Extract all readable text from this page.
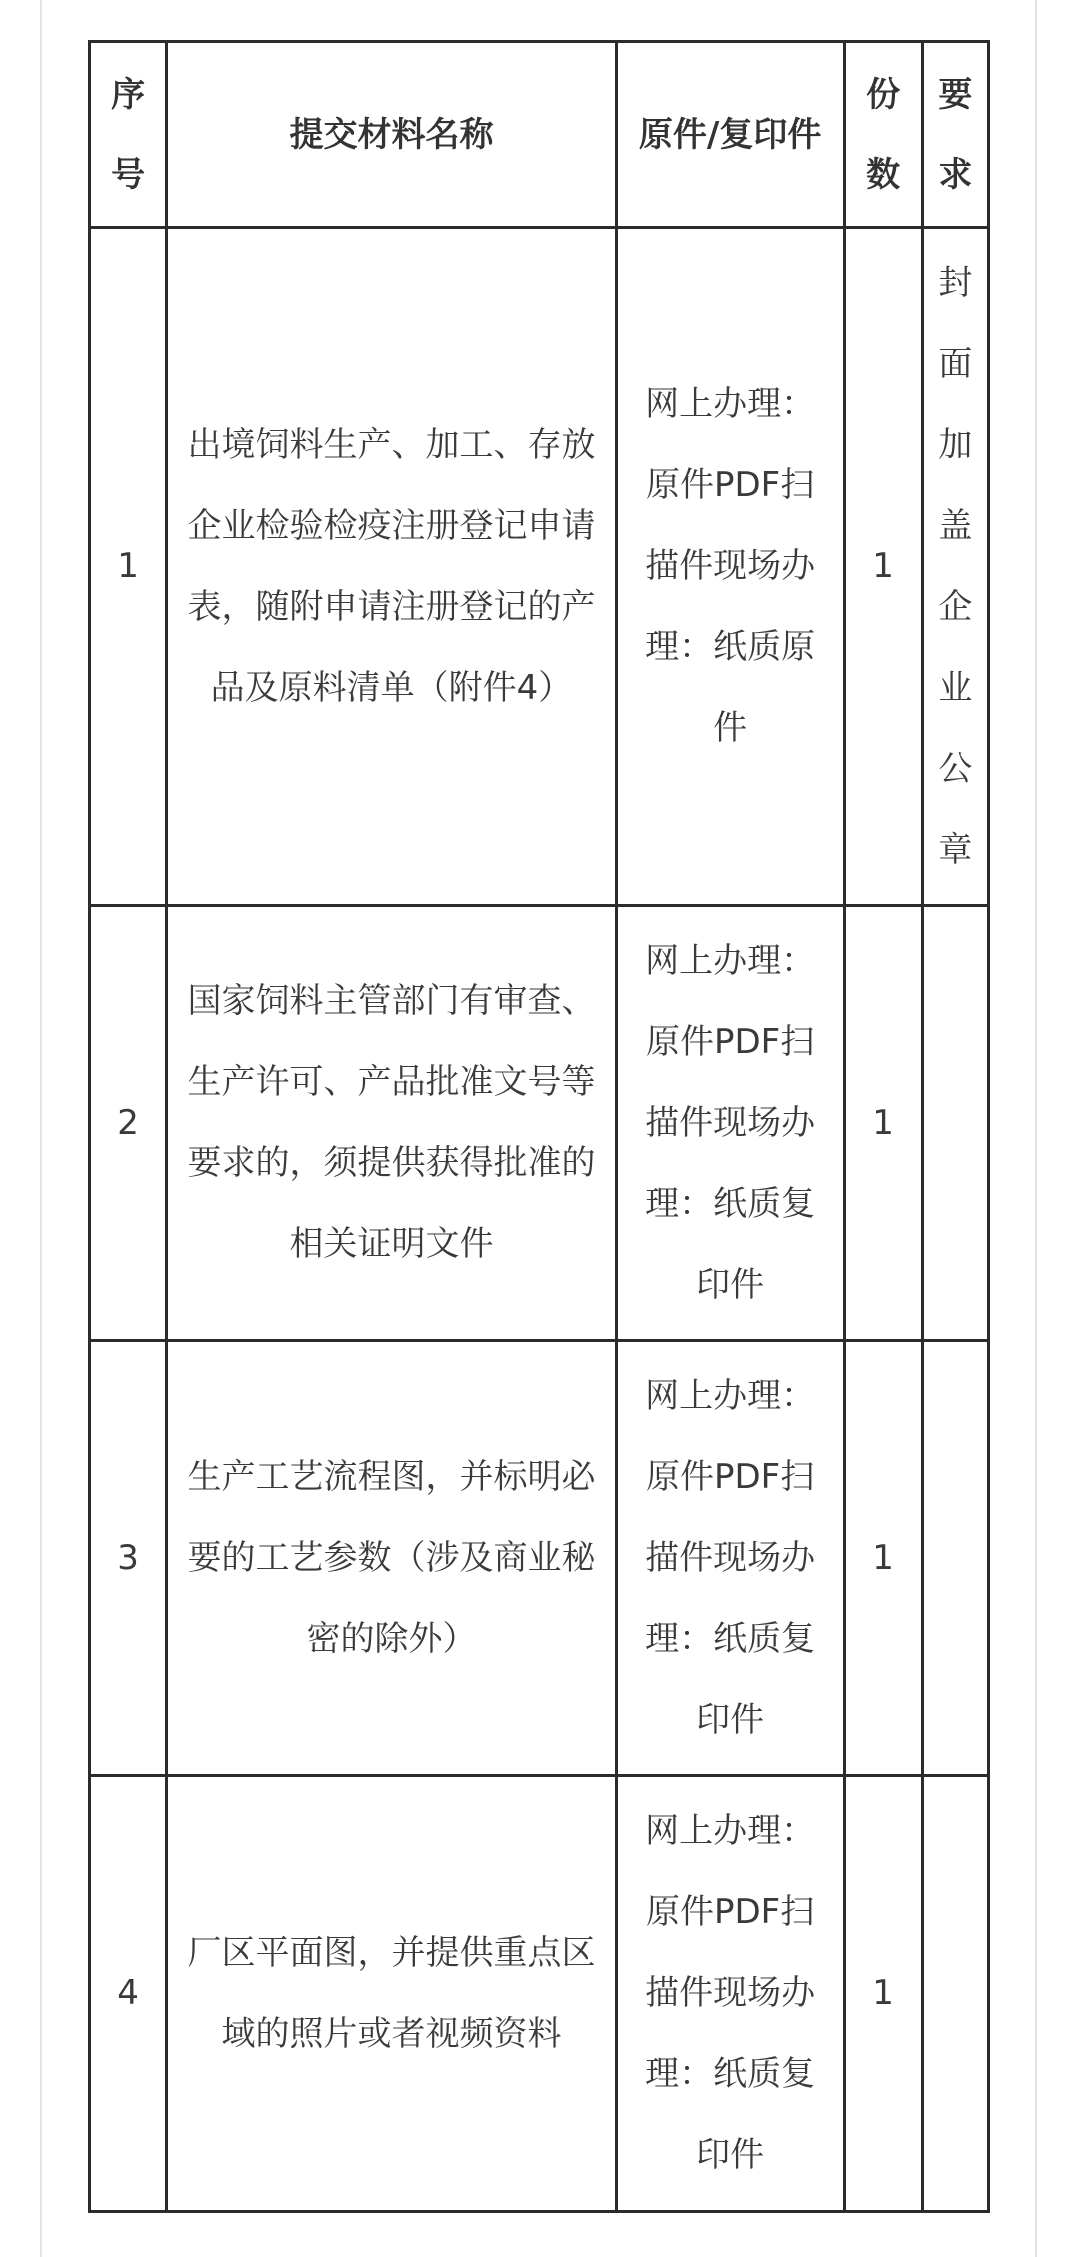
序号	提交材料名称	原件/复印件	份数	要求
1	出境饲料生产、加工、存放企业检验检疫注册登记申请表，随附申请注册登记的产品及原料清单（附件4）	网上办理：原件PDF扫描件现场办理：纸质原件	1	封面加盖企业公章
2	国家饲料主管部门有审查、生产许可、产品批准文号等要求的，须提供获得批准的相关证明文件	网上办理：原件PDF扫描件现场办理：纸质复印件	1	
3	生产工艺流程图，并标明必要的工艺参数（涉及商业秘密的除外）	网上办理：原件PDF扫描件现场办理：纸质复印件	1	
4	厂区平面图，并提供重点区域的照片或者视频资料	网上办理：原件PDF扫描件现场办理：纸质复印件	1	
